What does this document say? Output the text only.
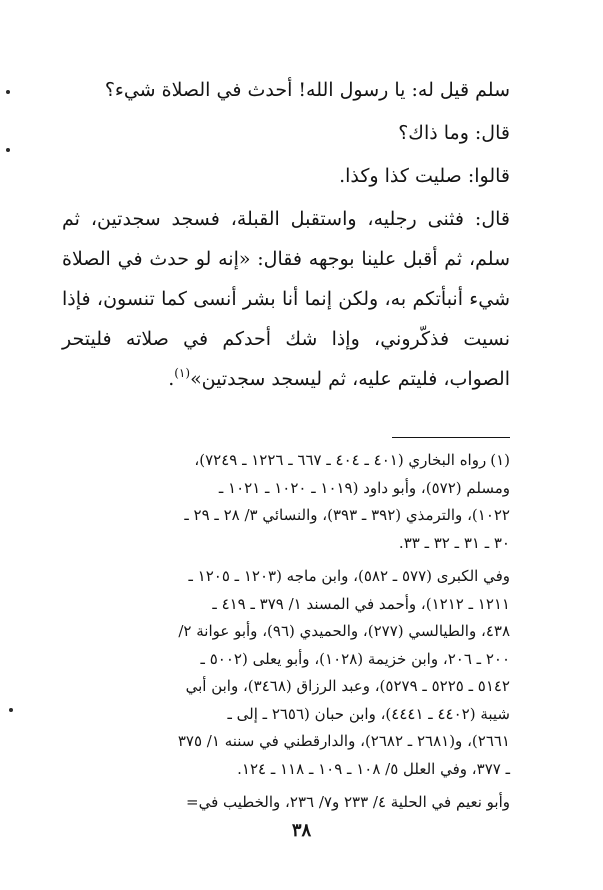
سلم قيل له: يا رسول الله! أحدث في الصلاة شيء؟

قال: وما ذاك؟

قالوا: صليت كذا وكذا.

قال: فثنى رجليه، واستقبل القبلة، فسجد سجدتين، ثم سلم، ثم أقبل علينا بوجهه فقال: «إنه لو حدث في الصلاة شيء أنبأتكم به، ولكن إنما أنا بشر أنسى كما تنسون، فإذا نسيت فذكّروني، وإذا شك أحدكم في صلاته فليتحر الصواب، فليتم عليه، ثم ليسجد سجدتين»$^{(١)}$.

(١)رواه البخاري (٤٠١ ـ ٤٠٤ ـ ٦٦٧ ـ ١٢٢٦ ـ ٧٢٤٩)،
ومسلم (٥٧٢)، وأبو داود (١٠١٩ ـ ١٠٢٠ ـ ١٠٢١ ـ
١٠٢٢)، والترمذي (٣٩٢ ـ ٣٩٣)، والنسائي ٣/ ٢٨ ـ ٢٩ ـ
٣٠ ـ ٣١ ـ ٣٢ ـ ٣٣.
وفي الكبرى (٥٧٧ ـ ٥٨٢)، وابن ماجه (١٢٠٣ ـ ١٢٠٥ ـ
١٢١١ ـ ١٢١٢)، وأحمد في المسند ١/ ٣٧٩ ـ ٤١٩ ـ
٤٣٨، والطيالسي (٢٧٧)، والحميدي (٩٦)، وأبو عوانة ٢/
٢٠٠ ـ ٢٠٦، وابن خزيمة (١٠٢٨)، وأبو يعلى (٥٠٠٢ ـ
٥١٤٢ ـ ٥٢٢٥ ـ ٥٢٧٩)، وعبد الرزاق (٣٤٦٨)، وابن أبي
شيبة (٤٤٠٢ ـ ٤٤٤١)، وابن حبان (٢٦٥٦ ـ إلى ـ
٢٦٦١)، و(٢٦٨١ ـ ٢٦٨٢)، والدارقطني في سننه ١/ ٣٧٥
ـ ٣٧٧، وفي العلل ٥/ ١٠٨ ـ ١٠٩ ـ ١١٨ ـ ١٢٤.
وأبو نعيم في الحلية ٤/ ٢٣٣ و٧/ ٢٣٦، والخطيب في=
٣٨
